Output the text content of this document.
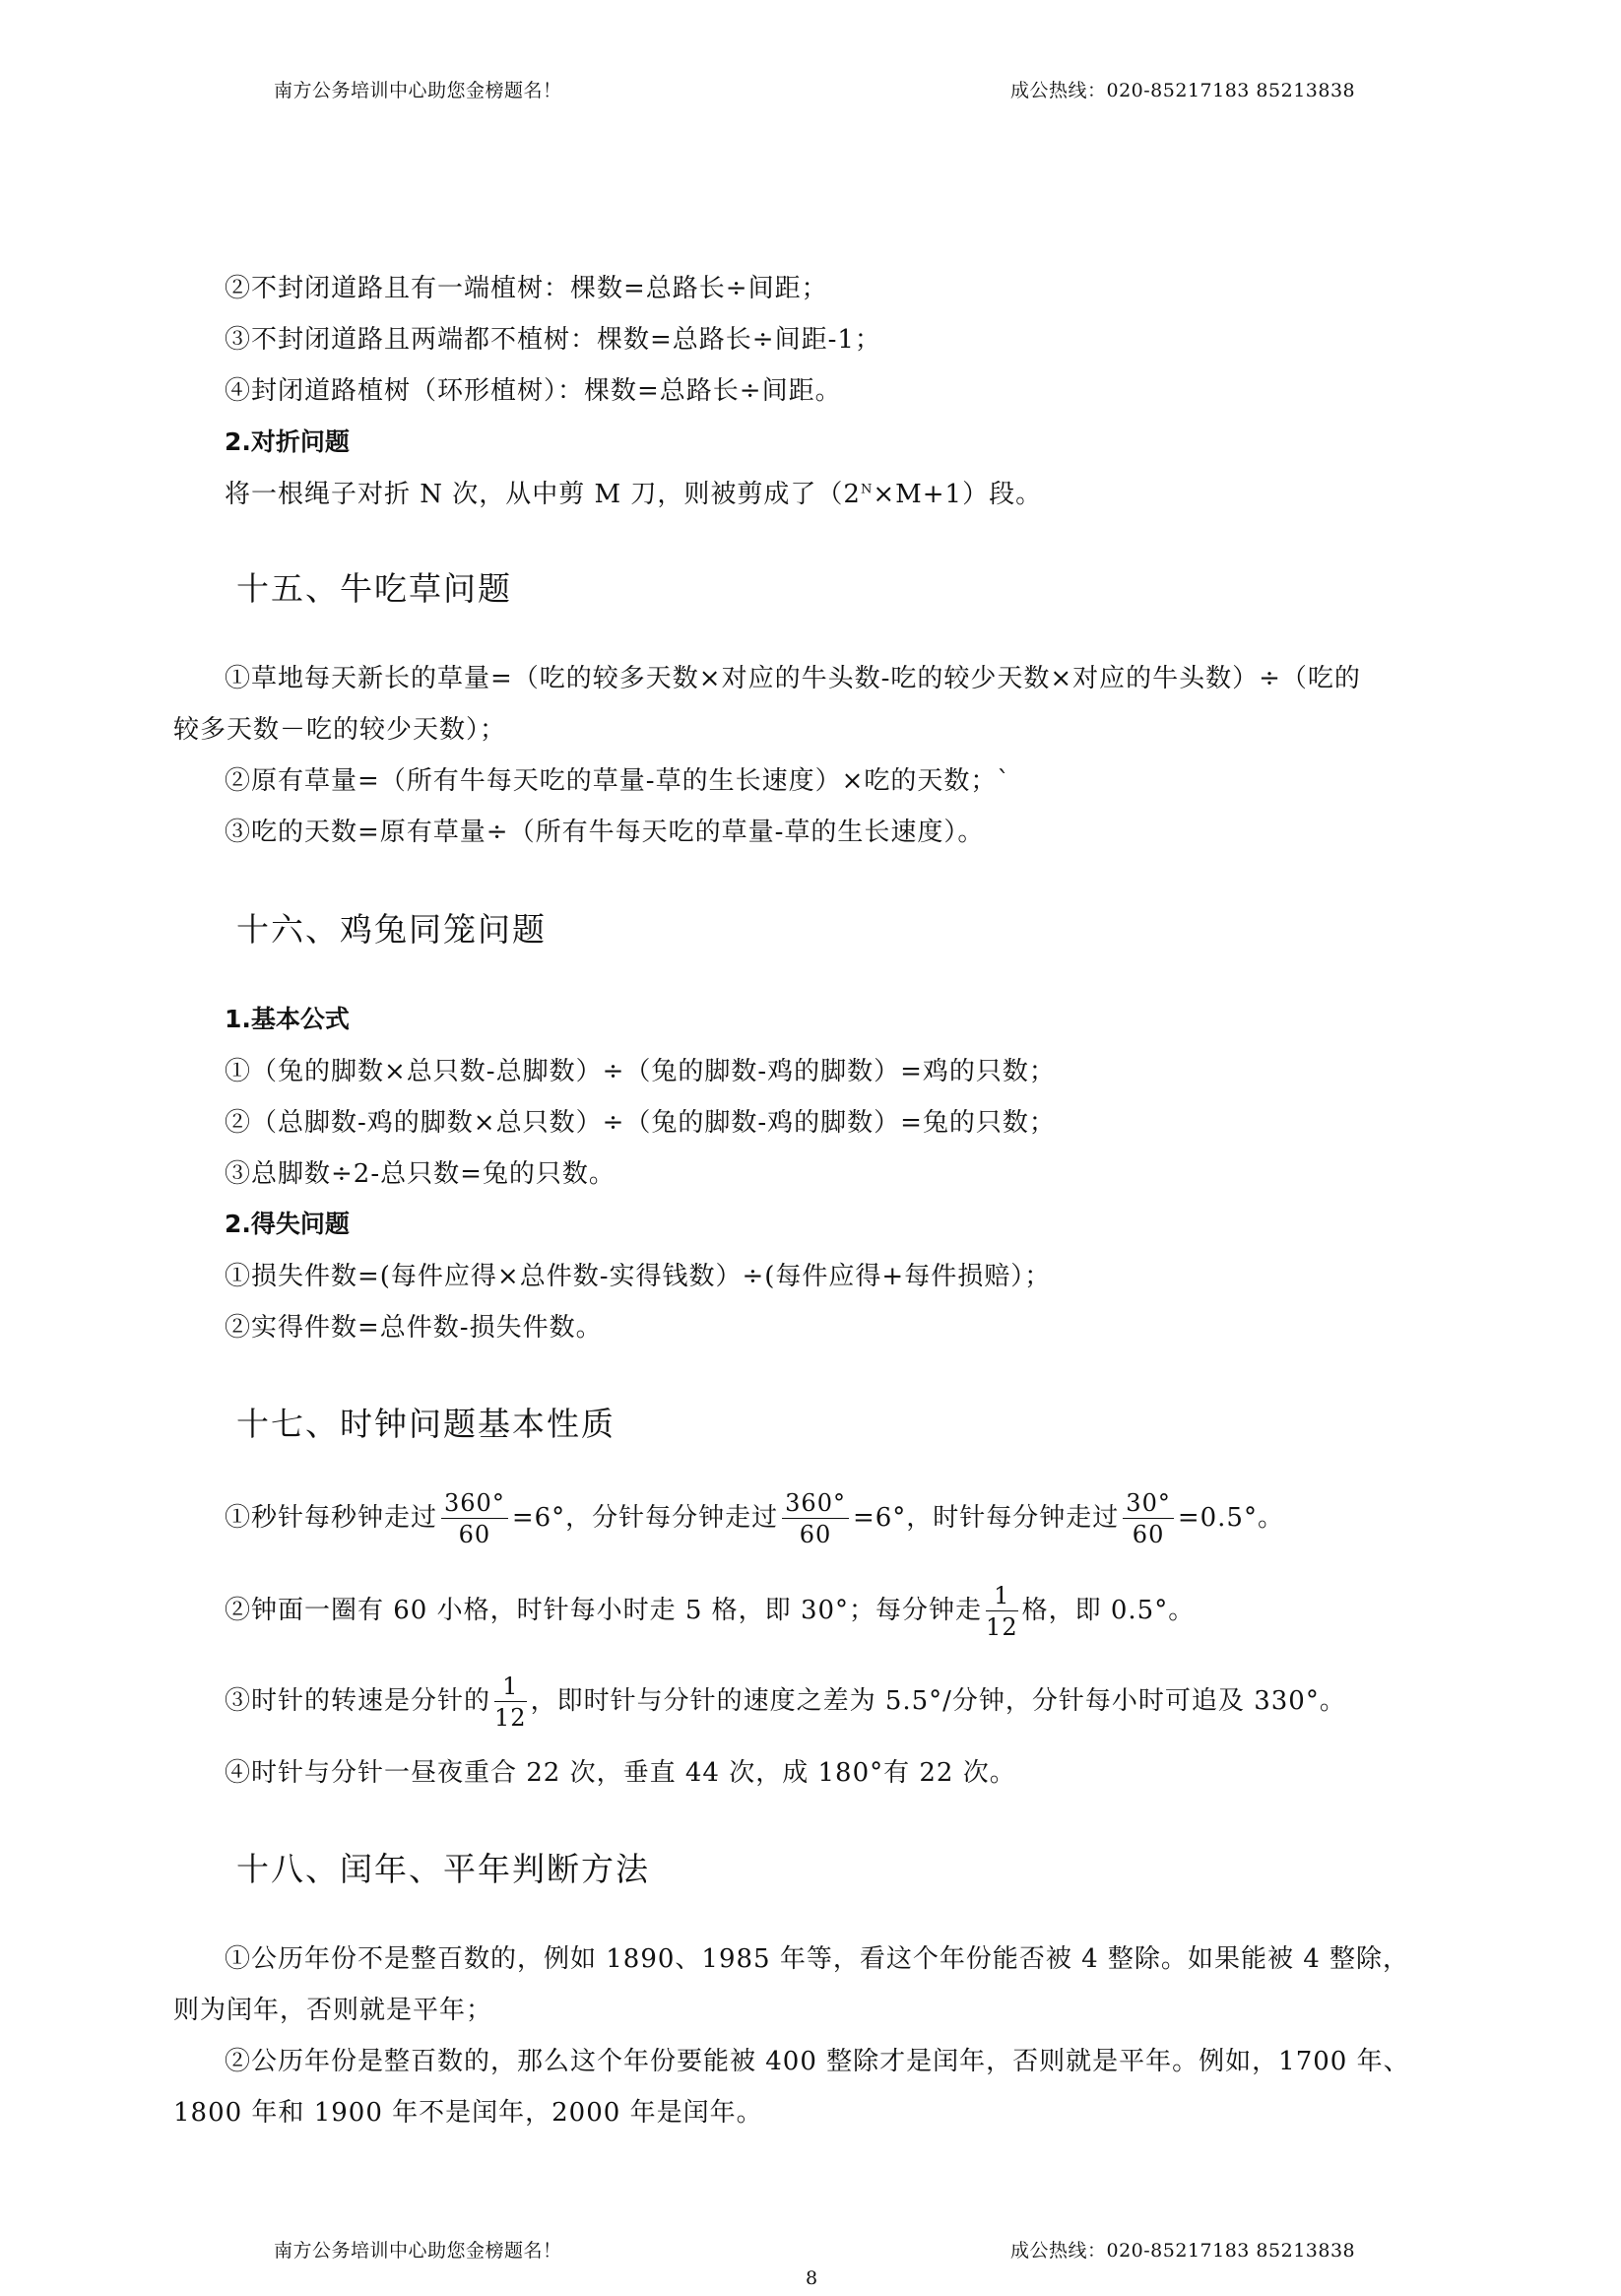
南方公务培训中心助您金榜题名！	成公热线：020-85217183 85213838
②不封闭道路且有一端植树：棵数=总路长÷间距；
③不封闭道路且两端都不植树：棵数=总路长÷间距-1；
④封闭道路植树（环形植树）：棵数=总路长÷间距。
2.对折问题
将一根绳子对折 N 次，从中剪 M 刀，则被剪成了$(2^N\times M+1)$段。
十五、牛吃草问题
①草地每天新长的草量=（吃的较多天数×对应的牛头数-吃的较少天数×对应的牛头数）÷（吃的
较多天数－吃的较少天数）；
②原有草量=（所有牛每天吃的草量-草的生长速度）×吃的天数；`
③吃的天数=原有草量÷（所有牛每天吃的草量-草的生长速度）。
十六、鸡兔同笼问题
1.基本公式
①（兔的脚数×总只数-总脚数）÷（兔的脚数-鸡的脚数）=鸡的只数；
②（总脚数-鸡的脚数×总只数）÷（兔的脚数-鸡的脚数）=兔的只数；
③总脚数÷2-总只数=兔的只数。
2.得失问题
①损失件数=(每件应得×总件数-实得钱数）÷(每件应得+每件损赔）；
②实得件数=总件数-损失件数。
十七、时钟问题基本性质
①秒针每秒钟走过 $\frac{360^\circ}{60} =6^\circ$，分针每分钟走过 $\frac{360^\circ}{60} =6^\circ$，时针每分钟走过 $\frac{30^\circ}{60} =0.5^\circ$。
②钟面一圈有 60 小格，时针每小时走 5 格，即 30°；每分钟走 $\frac{1}{12}$ 格，即 0.5°。
③时针的转速是分针的 $\frac{1}{12}$ ，即时针与分针的速度之差为 5.5°/分钟，分针每小时可追及 330°。
④时针与分针一昼夜重合 22 次，垂直 44 次，成 180°有 22 次。
十八、闰年、平年判断方法
①公历年份不是整百数的，例如 1890、1985 年等，看这个年份能否被 4 整除。如果能被 4 整除，
则为闰年，否则就是平年；
②公历年份是整百数的，那么这个年份要能被 400 整除才是闰年，否则就是平年。例如，1700 年、
1800 年和 1900 年不是闰年，2000 年是闰年。
南方公务培训中心助您金榜题名！	成公热线：020-85217183 85213838
8
